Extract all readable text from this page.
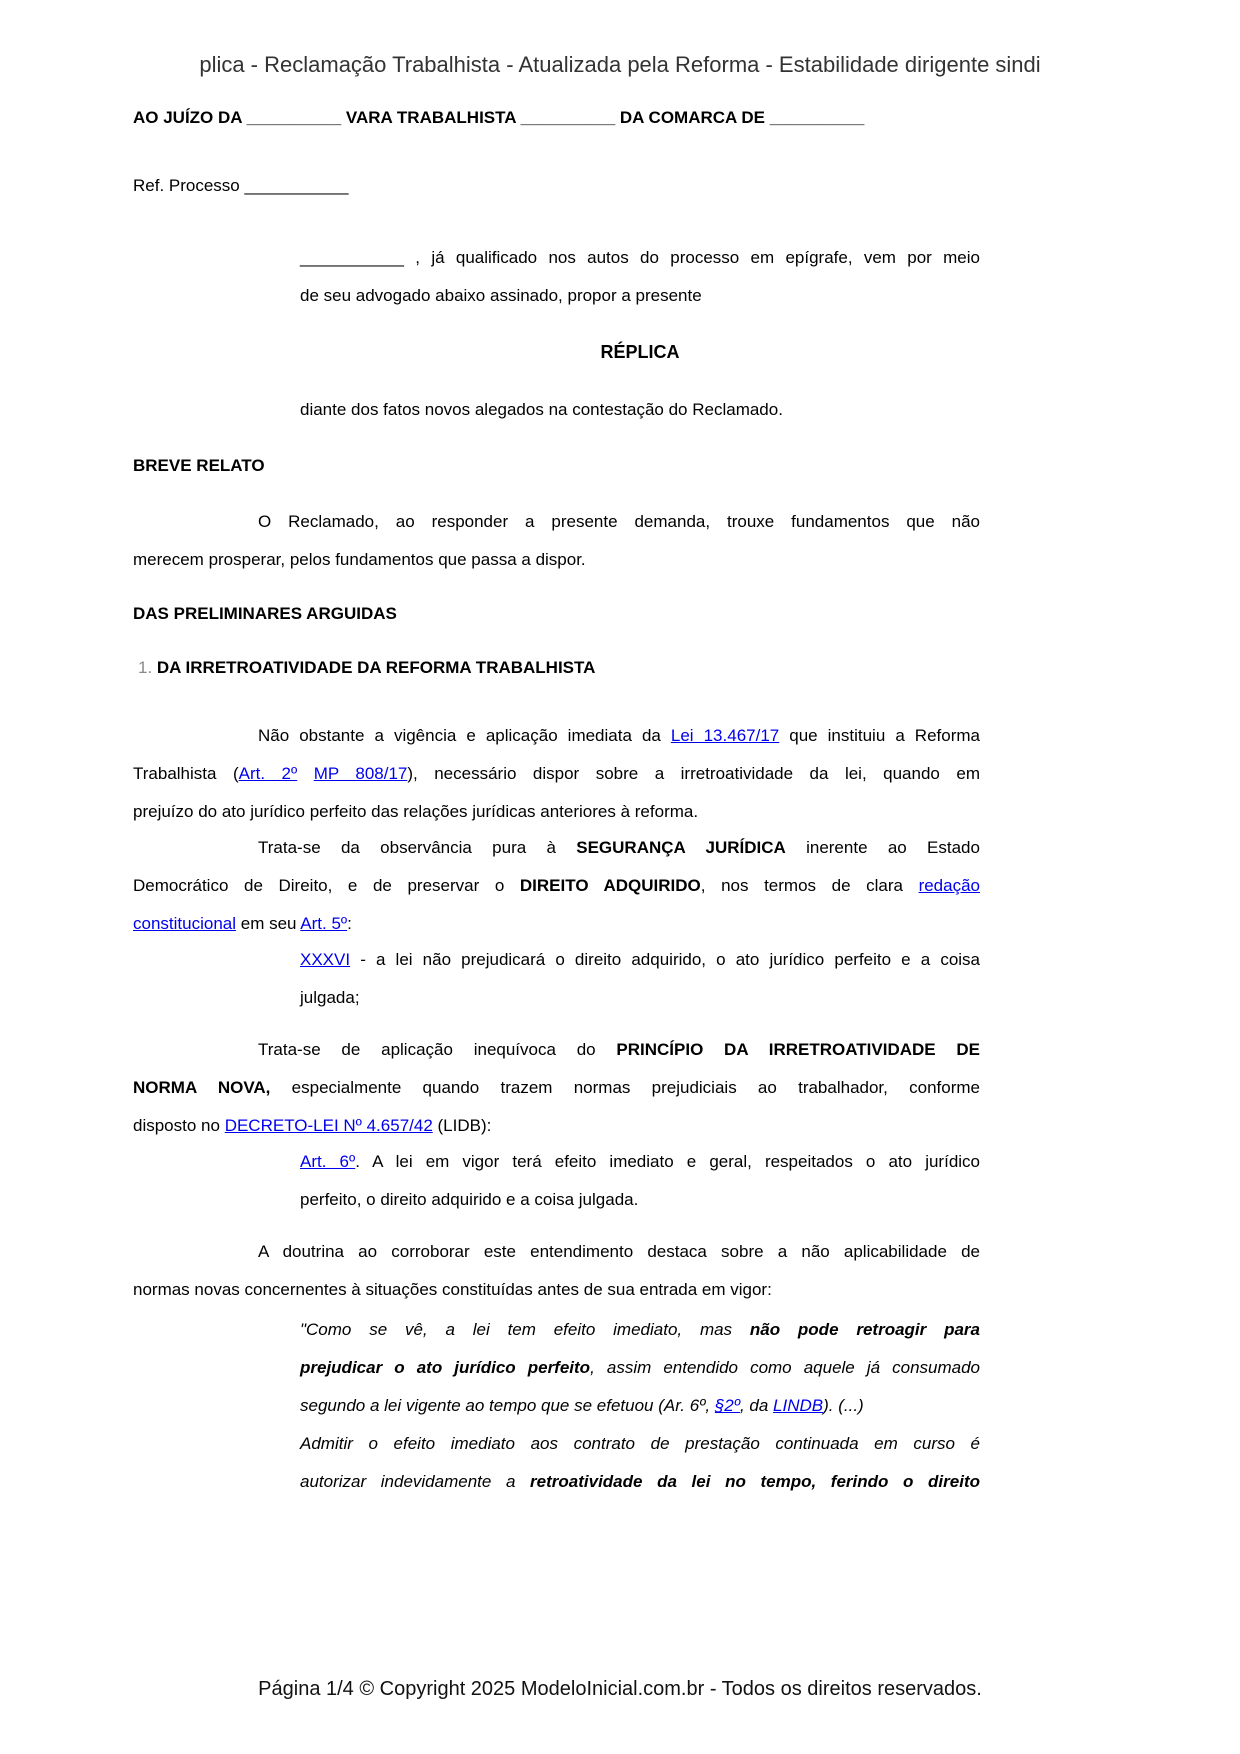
plica - Reclamação Trabalhista - Atualizada pela Reforma - Estabilidade dirigente sindi
AO JUÍZO DA __________ VARA TRABALHISTA __________ DA COMARCA DE __________
Ref. Processo ___________
___________ , já qualificado nos autos do processo em epígrafe, vem por meio
de seu advogado abaixo assinado, propor a presente
RÉPLICA
diante dos fatos novos alegados na contestação do Reclamado.
BREVE RELATO
O Reclamado, ao responder a presente demanda, trouxe fundamentos que não
merecem prosperar, pelos fundamentos que passa a dispor.
DAS PRELIMINARES ARGUIDAS
1. DA IRRETROATIVIDADE DA REFORMA TRABALHISTA
Não obstante a vigência e aplicação imediata da Lei 13.467/17 que instituiu a Reforma
Trabalhista (Art. 2º MP 808/17), necessário dispor sobre a irretroatividade da lei, quando em
prejuízo do ato jurídico perfeito das relações jurídicas anteriores à reforma.
Trata-se da observância pura à SEGURANÇA JURÍDICA inerente ao Estado
Democrático de Direito, e de preservar o DIREITO ADQUIRIDO, nos termos de clara redação
constitucional em seu Art. 5º:
XXXVI - a lei não prejudicará o direito adquirido, o ato jurídico perfeito e a coisa
julgada;
Trata-se de aplicação inequívoca do PRINCÍPIO DA IRRETROATIVIDADE DE
NORMA NOVA, especialmente quando trazem normas prejudiciais ao trabalhador, conforme
disposto no DECRETO-LEI Nº 4.657/42 (LIDB):
Art. 6º. A lei em vigor terá efeito imediato e geral, respeitados o ato jurídico
perfeito, o direito adquirido e a coisa julgada.
A doutrina ao corroborar este entendimento destaca sobre a não aplicabilidade de
normas novas concernentes à situações constituídas antes de sua entrada em vigor:
"Como se vê, a lei tem efeito imediato, mas não pode retroagir para
prejudicar o ato jurídico perfeito, assim entendido como aquele já consumado
segundo a lei vigente ao tempo que se efetuou (Ar. 6º, §2º, da LINDB). (...)
Admitir o efeito imediato aos contrato de prestação continuada em curso é
autorizar indevidamente a retroatividade da lei no tempo, ferindo o direito
Página 1/4 © Copyright 2025 ModeloInicial.com.br - Todos os direitos reservados.
